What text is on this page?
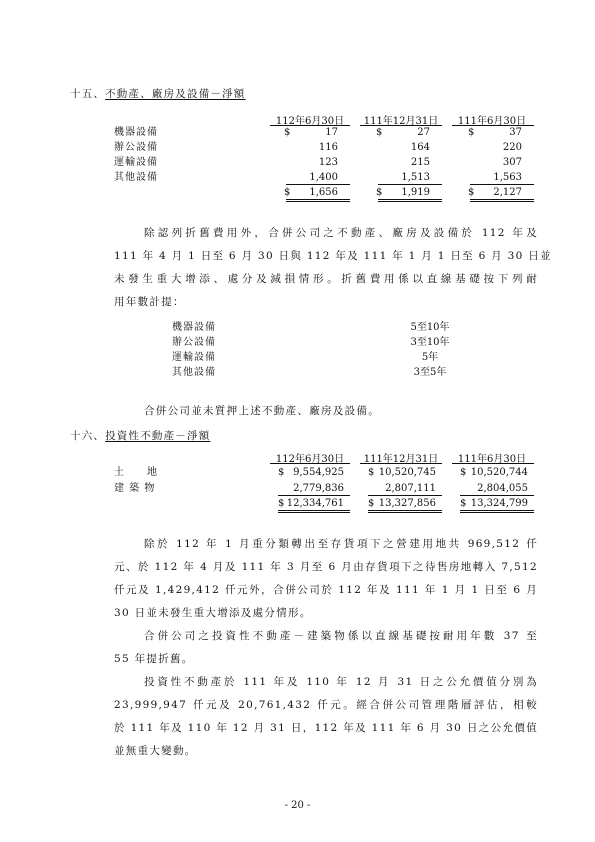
十五、不動產、廠房及設備－淨額
112年6月30日	111年12月31日	111年6月30日
機器設備	$	17	$	27	$	37
辦公設備	116	164	220
運輸設備	123	215	307
其他設備	1,400	1,513	1,563
$ 1,656	$ 1,919	$ 2,127
除認列折舊費用外，合併公司之不動產、廠房及設備於 112 年及
111 年 4 月 1 日至 6 月 30 日與 112 年及 111 年 1 月 1 日至 6 月 30 日並
未發生重大增添、處分及減損情形。折舊費用係以直線基礎按下列耐
用年數計提：
機器設備	5至10年
辦公設備	3至10年
運輸設備	5年
其他設備	3至5年
合併公司並未質押上述不動產、廠房及設備。
十六、投資性不動產－淨額
112年6月30日	111年12月31日	111年6月30日
土　　地	$ 9,554,925 $ 10,520,745 $ 10,520,744
建 築 物	2,779,836	2,807,111	2,804,055
$ 12,334,761 $ 13,327,856 $ 13,324,799
除於 112 年 1 月重分類轉出至存貨項下之營建用地共 969,512 仟
元、於 112 年 4 月及 111 年 3 月至 6 月由存貨項下之待售房地轉入 7,512
仟元及 1,429,412 仟元外，合併公司於 112 年及 111 年 1 月 1 日至 6 月
30 日並未發生重大增添及處分情形。
合併公司之投資性不動產－建築物係以直線基礎按耐用年數 37 至
55 年提折舊。
投資性不動產於 111 年及 110 年 12 月 31 日之公允價值分別為
23,999,947 仟元及 20,761,432 仟元。經合併公司管理階層評估，相較
於 111 年及 110 年 12 月 31 日，112 年及 111 年 6 月 30 日之公允價值
並無重大變動。
- 20 -
